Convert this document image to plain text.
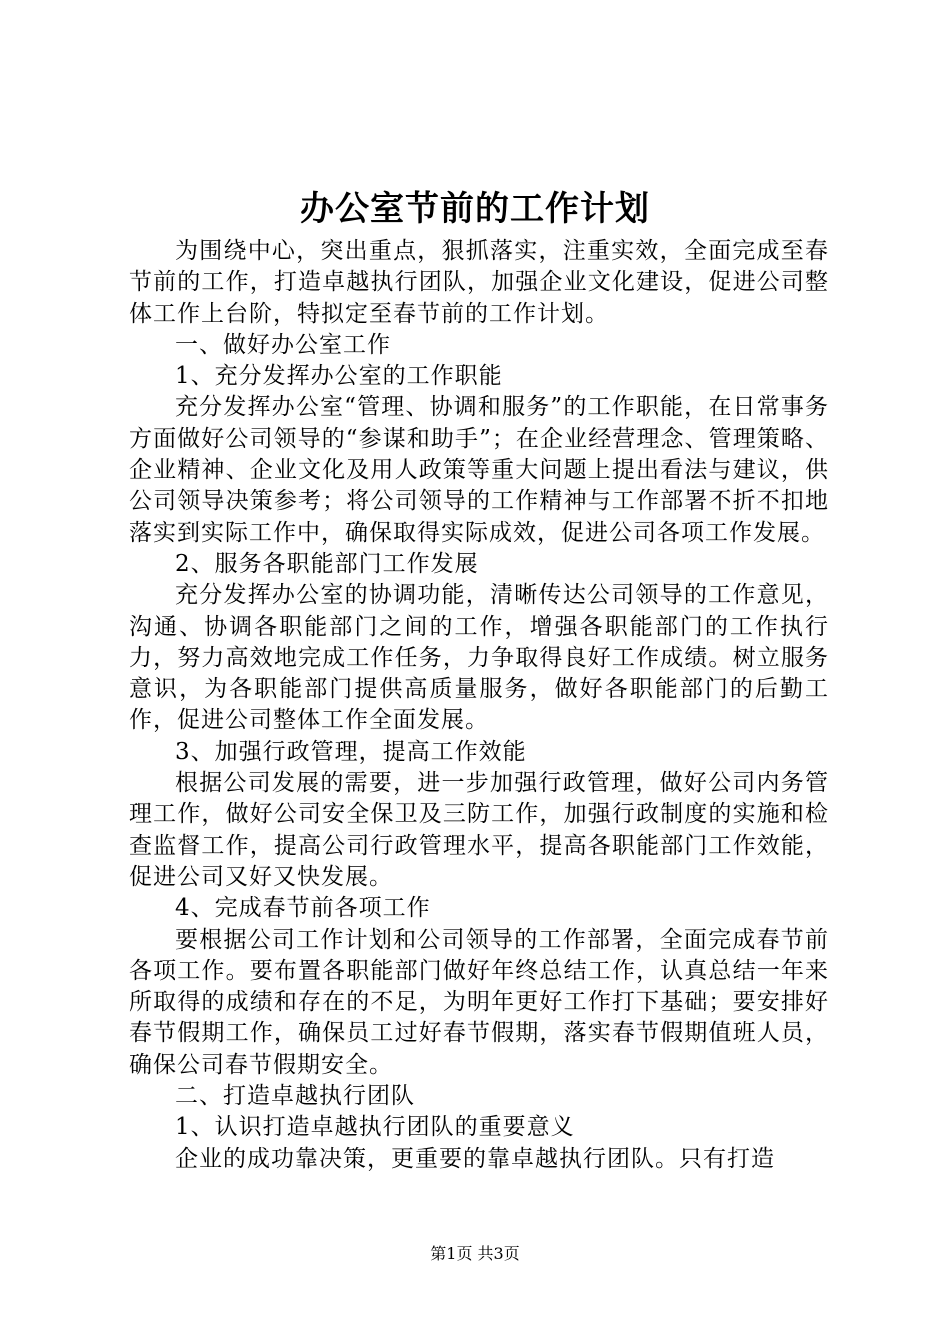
办公室节前的工作计划

为围绕中心，突出重点，狠抓落实，注重实效，全面完成至春节前的工作，打造卓越执行团队，加强企业文化建设，促进公司整体工作上台阶，特拟定至春节前的工作计划。

一、做好办公室工作

1、充分发挥办公室的工作职能

充分发挥办公室“管理、协调和服务”的工作职能，在日常事务方面做好公司领导的“参谋和助手”；在企业经营理念、管理策略、企业精神、企业文化及用人政策等重大问题上提出看法与建议，供公司领导决策参考；将公司领导的工作精神与工作部署不折不扣地落实到实际工作中，确保取得实际成效，促进公司各项工作发展。

2、服务各职能部门工作发展

充分发挥办公室的协调功能，清晰传达公司领导的工作意见，沟通、协调各职能部门之间的工作，增强各职能部门的工作执行力，努力高效地完成工作任务，力争取得良好工作成绩。树立服务意识，为各职能部门提供高质量服务，做好各职能部门的后勤工作，促进公司整体工作全面发展。

3、加强行政管理，提高工作效能

根据公司发展的需要，进一步加强行政管理，做好公司内务管理工作，做好公司安全保卫及三防工作，加强行政制度的实施和检查监督工作，提高公司行政管理水平，提高各职能部门工作效能，促进公司又好又快发展。

4、完成春节前各项工作

要根据公司工作计划和公司领导的工作部署，全面完成春节前各项工作。要布置各职能部门做好年终总结工作，认真总结一年来所取得的成绩和存在的不足，为明年更好工作打下基础；要安排好春节假期工作，确保员工过好春节假期，落实春节假期值班人员，确保公司春节假期安全。

二、打造卓越执行团队

1、认识打造卓越执行团队的重要意义

企业的成功靠决策，更重要的靠卓越执行团队。只有打造

第1页 共3页
